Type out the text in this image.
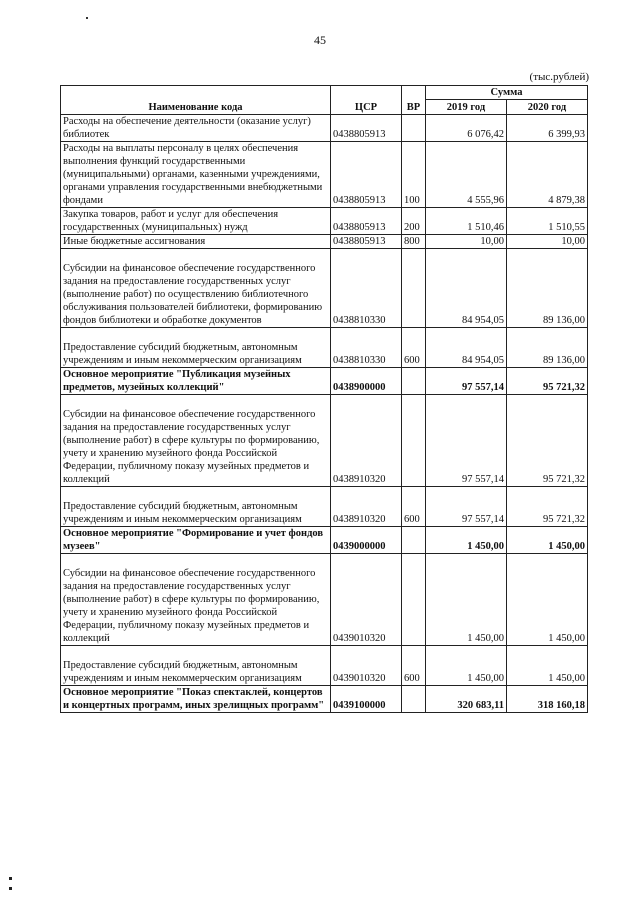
45
(тыс.рублей)
Наименование кода	ЦСР	ВР	Сумма	
			2019 год	2020 год
Расходы на обеспечение деятельности (оказание услуг) библиотек	0438805913		6 076,42	6 399,93
Расходы на выплаты персоналу в целях обеспечения выполнения функций государственными (муниципальными) органами, казенными учреждениями, органами управления государственными внебюджетными фондами	0438805913	100	4 555,96	4 879,38
Закупка товаров, работ и услуг для обеспечения государственных (муниципальных) нужд	0438805913	200	1 510,46	1 510,55
Иные бюджетные ассигнования	0438805913	800	10,00	10,00
Субсидии на финансовое обеспечение государственного задания на предоставление государственных услуг (выполнение работ) по осуществлению библиотечного обслуживания пользователей библиотеки, формированию фондов библиотеки и обработке документов	0438810330		84 954,05	89 136,00
Предоставление субсидий бюджетным, автономным учреждениям и иным некоммерческим организациям	0438810330	600	84 954,05	89 136,00
Основное мероприятие "Публикация музейных предметов, музейных коллекций"	0438900000		97 557,14	95 721,32
Субсидии на финансовое обеспечение государственного задания на предоставление государственных услуг (выполнение работ) в сфере культуры по формированию, учету и хранению музейного фонда Российской Федерации, публичному показу музейных предметов и коллекций	0438910320		97 557,14	95 721,32
Предоставление субсидий бюджетным, автономным учреждениям и иным некоммерческим организациям	0438910320	600	97 557,14	95 721,32
Основное мероприятие "Формирование и учет фондов музеев"	0439000000		1 450,00	1 450,00
Субсидии на финансовое обеспечение государственного задания на предоставление государственных услуг (выполнение работ) в сфере культуры по формированию, учету и хранению музейного фонда Российской Федерации, публичному показу музейных предметов и коллекций	0439010320		1 450,00	1 450,00
Предоставление субсидий бюджетным, автономным учреждениям и иным некоммерческим организациям	0439010320	600	1 450,00	1 450,00
Основное мероприятие "Показ спектаклей, концертов и концертных программ, иных зрелищных программ"	0439100000		320 683,11	318 160,18
